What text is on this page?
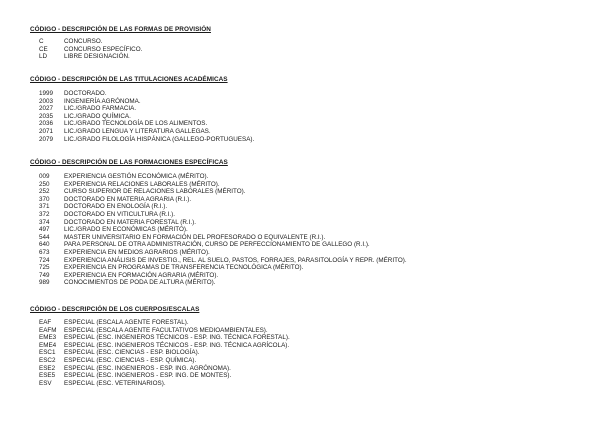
CÓDIGO - DESCRIPCIÓN DE LAS FORMAS DE PROVISIÓN
C	CONCURSO.
CE	CONCURSO ESPECÍFICO.
LD	LIBRE DESIGNACIÓN.
CÓDIGO - DESCRIPCIÓN DE LAS TITULACIONES ACADÉMICAS
1999 DOCTORADO.
2003 INGENIERÍA AGRÓNOMA.
2027 LIC./GRADO FARMACIA.
2035 LIC./GRADO QUÍMICA.
2036 LIC./GRADO TECNOLOGÍA DE LOS ALIMENTOS.
2071 LIC./GRADO LENGUA Y LITERATURA GALLEGAS.
2079 LIC./GRADO FILOLOGÍA HISPÁNICA (GALLEGO-PORTUGUESA).
CÓDIGO - DESCRIPCIÓN DE LAS FORMACIONES ESPECÍFICAS
009 EXPERIENCIA GESTIÓN ECONÓMICA (MÉRITO).
250 EXPERIENCIA RELACIONES LABORALES (MÉRITO).
252 CURSO SUPERIOR DE RELACIONES LABORALES (MÉRITO).
370 DOCTORADO EN MATERIA AGRARIA (R.I.).
371 DOCTORADO EN ENOLOGÍA (R.I.).
372 DOCTORADO EN VITICULTURA (R.I.).
374 DOCTORADO EN MATERIA FORESTAL (R.I.).
497 LIC./GRADO EN ECONÓMICAS (MÉRITO).
544 MASTER UNIVERSITARIO EN FORMACIÓN DEL PROFESORADO O EQUIVALENTE (R.I.).
640 PARA PERSONAL DE OTRA ADMINISTRACIÓN, CURSO DE PERFECCIONAMIENTO DE GALLEGO (R.I.).
673 EXPERIENCIA EN MEDIOS AGRARIOS (MÉRITO).
724 EXPERIENCIA ANÁLISIS DE INVESTIG., REL. AL SUELO, PASTOS, FORRAJES, PARASITOLOGÍA Y REPR. (MÉRITO).
725 EXPERIENCIA EN PROGRAMAS DE TRANSFERENCIA TECNOLÓGICA (MÉRITO).
749 EXPERIENCIA EN FORMACIÓN AGRARIA (MÉRITO).
989 CONOCIMIENTOS DE PODA DE ALTURA (MÉRITO).
CÓDIGO - DESCRIPCIÓN DE LOS CUERPOS/ESCALAS
EAF ESPECIAL (ESCALA AGENTE FORESTAL).
EAFM ESPECIAL (ESCALA AGENTE FACULTATIVOS MEDIOAMBIENTALES).
EME3 ESPECIAL (ESC. INGENIEROS TÉCNICOS - ESP. ING. TÉCNICA FORESTAL).
EME4 ESPECIAL (ESC. INGENIEROS TÉCNICOS - ESP. ING. TÉCNICA AGRÍCOLA).
ESC1 ESPECIAL (ESC. CIENCIAS - ESP. BIOLOGÍA).
ESC2 ESPECIAL (ESC. CIENCIAS - ESP. QUÍMICA).
ESE2 ESPECIAL (ESC. INGENIEROS - ESP. ING. AGRÓNOMA).
ESE5 ESPECIAL (ESC. INGENIEROS - ESP. ING. DE MONTES).
ESV ESPECIAL (ESC. VETERINARIOS).
